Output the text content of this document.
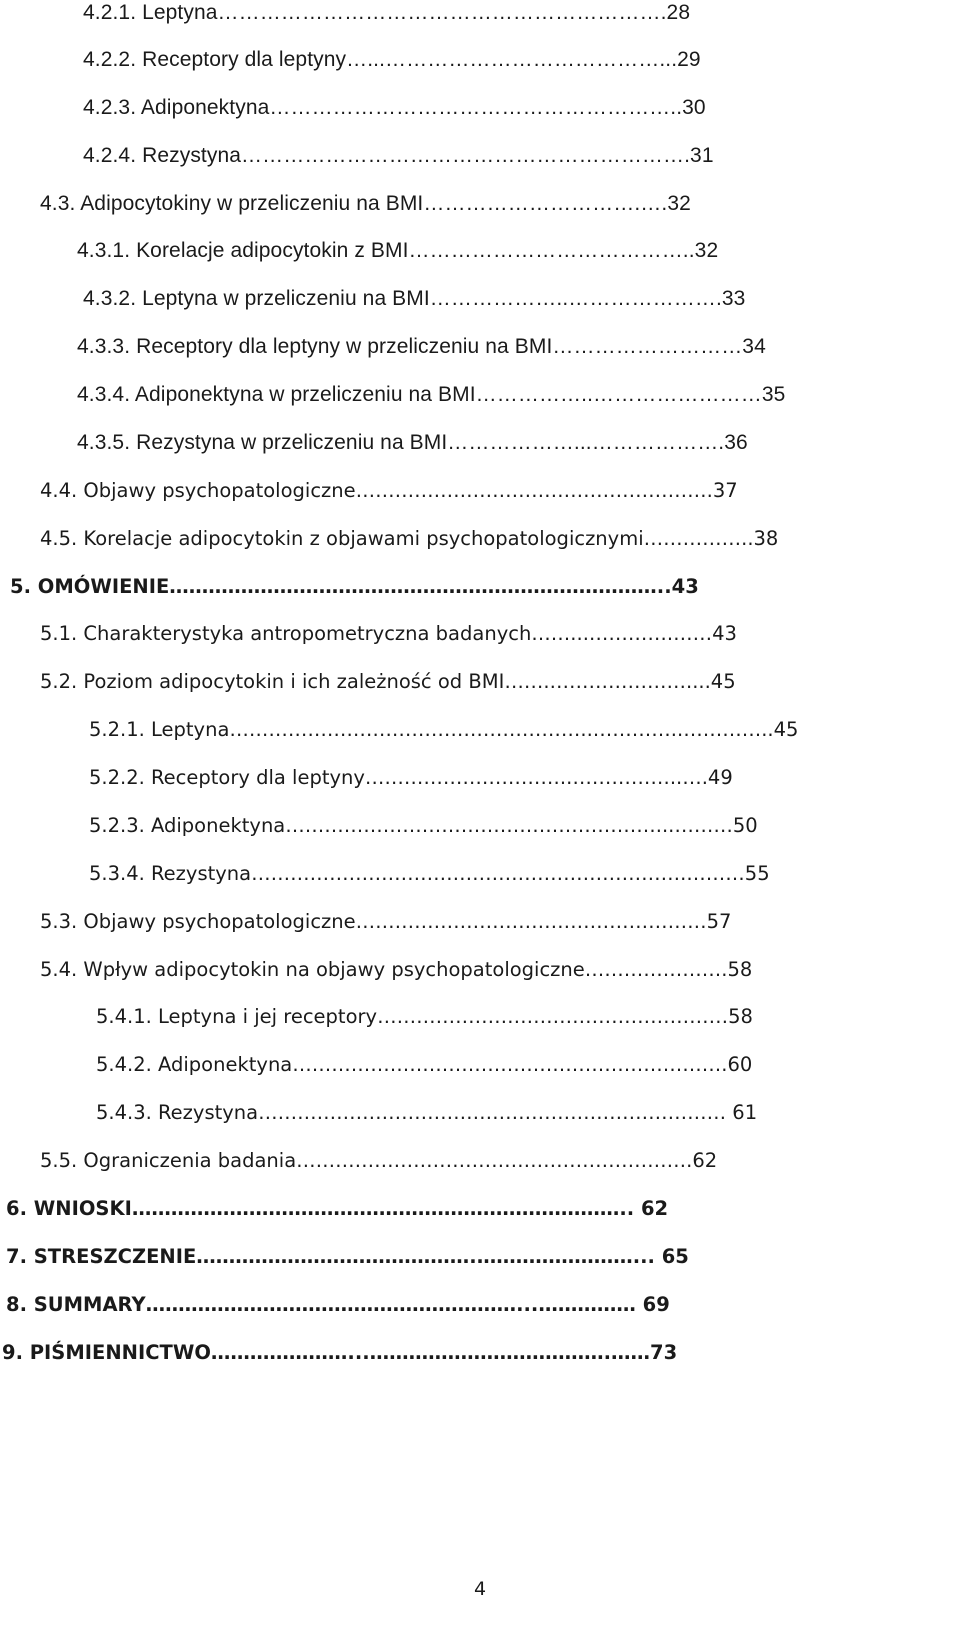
4.2.1. Leptyna……………………………………………………….28
4.2.2. Receptory dla leptyny…...…………………………………...29
4.2.3. Adiponektyna…………………………………………………..30
4.2.4. Rezystyna……………………………………………………….31
4.3. Adipocytokiny w przeliczeniu na BMI………………………….….32
4.3.1. Korelacje adipocytokin z BMI…………………………………..32
4.3.2. Leptyna w przeliczeniu na BMI………………..………………….33
4.3.3. Receptory dla leptyny w przeliczeniu na BMI………………………34
4.3.4. Adiponektyna w przeliczeniu na BMI……………..……………………35
4.3.5. Rezystyna w przeliczeniu na BMI………………...……………….36
4.4. Objawy psychopatologiczne……………………………………………….37
4.5. Korelacje adipocytokin z objawami psychopatologicznymi……………..38
5. OMÓWIENIE…………………………………………………………………..43
5.1. Charakterystyka antropometryczna badanych……...………….……43
5.2. Poziom adipocytokin i ich zależność od BMI…….…………………....45
5.2.1. Leptyna………………………………………………..…………..…………..45
5.2.2. Receptory dla leptyny…………………………..……………..….49
5.2.3. Adiponektyna…………………………………………………...………50
5.3.4. Rezystyna………………………………………………………….………55
5.3. Objawy psychopatologiczne………………………………………………57
5.4. Wpływ adipocytokin na objawy psychopatologiczne………………….58
5.4.1. Leptyna i jej receptory………………………………………………58
5.4.2. Adiponektyna………………………………………………………….60
5.4.3. Rezystyna……………………………………………………………… 61
5.5. Ograniczenia badania…………………………………………………….62
6. WNIOSKI………………………………………………………………….. 62
7. STRESZCZENIE…………………………………….……………………... 65
8. SUMMARY…………………………………………………...…………… 69
9. PIŚMIENNICTWO…………………...……………………………….……73
4
